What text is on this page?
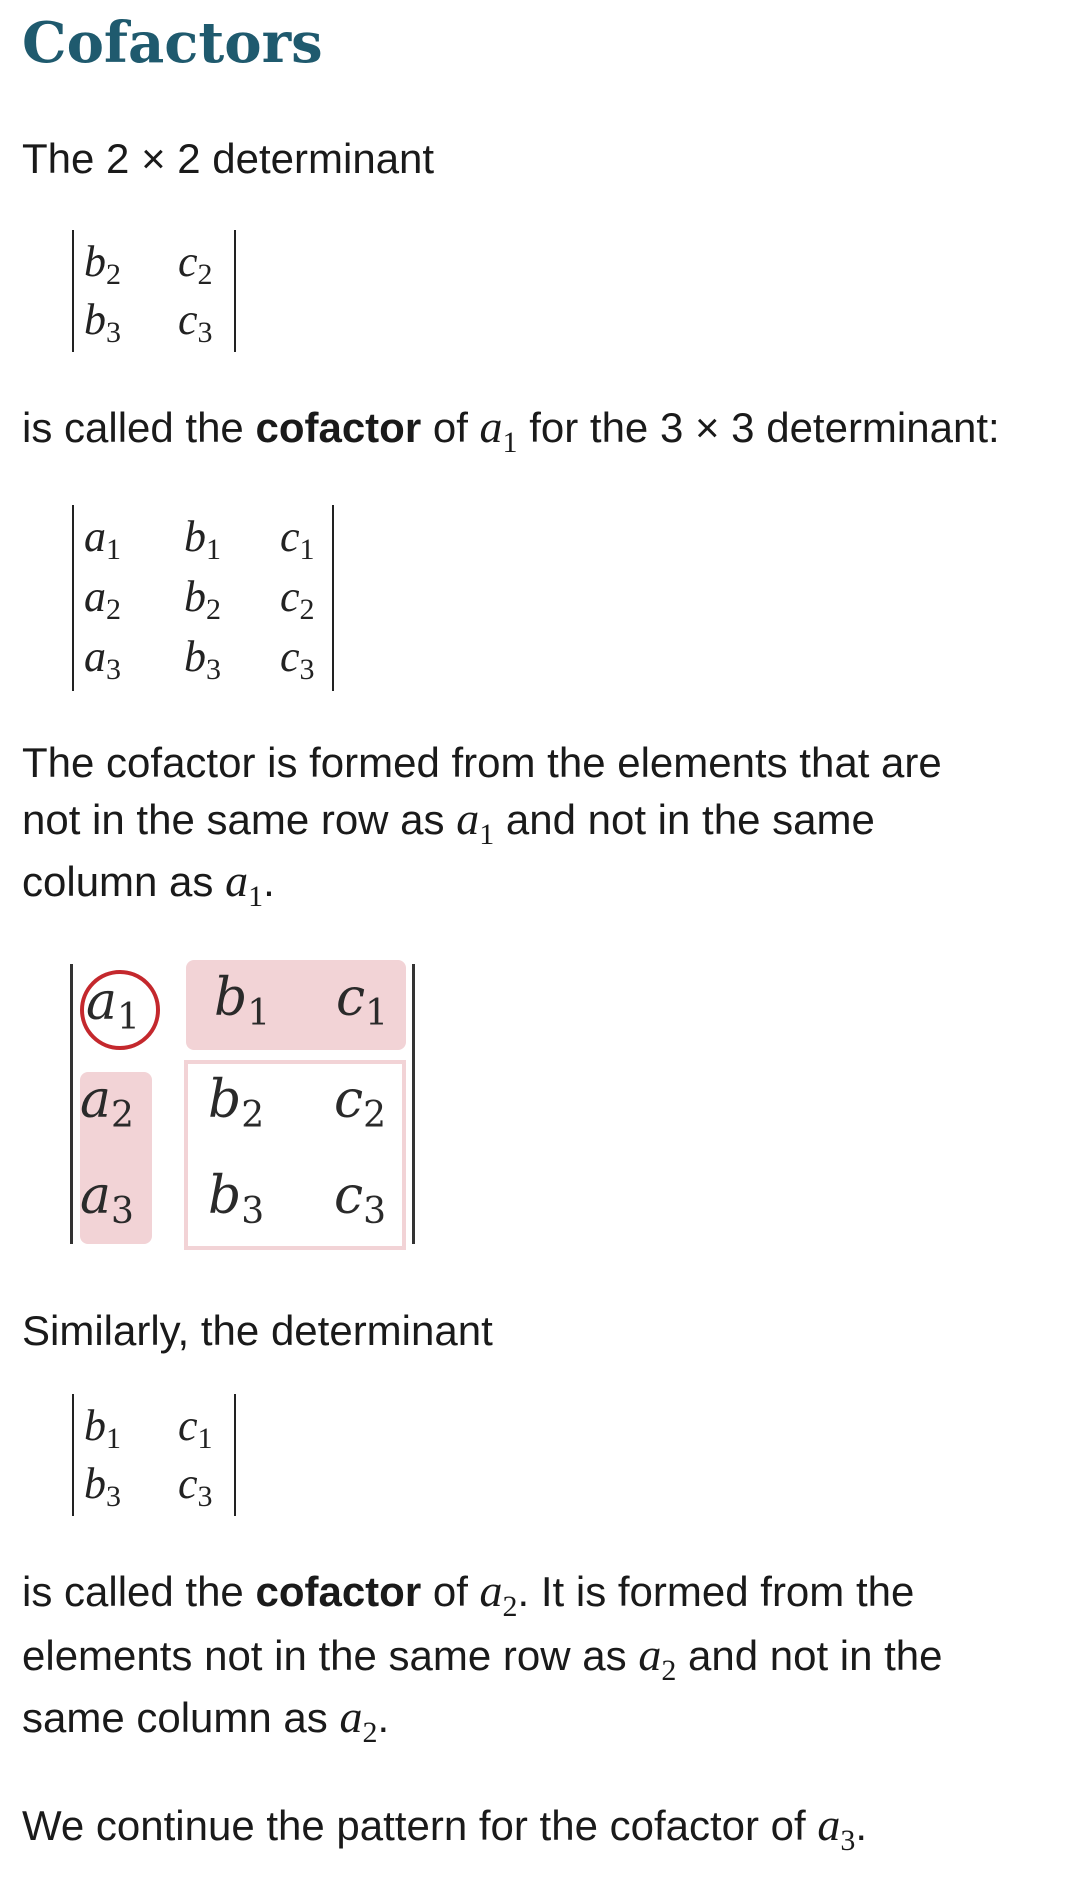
Cofactors

The 2 × 2 determinant

$b_2$ $c_2$
$b_3$ $c_3$

is called the cofactor of $a_1$ for the 3 × 3 determinant:

$a_1$ $b_1$ $c_1$
$a_2$ $b_2$ $c_2$
$a_3$ $b_3$ $c_3$

The cofactor is formed from the elements that are

not in the same row as $a_1$ and not in the same

column as $a_1$.

$a_1$ $b_1$ $c_1$
$a_2$ $b_2$ $c_2$
$a_3$ $b_3$ $c_3$

Similarly, the determinant

$b_1$ $c_1$
$b_3$ $c_3$

is called the cofactor of $a_2$. It is formed from the

elements not in the same row as $a_2$ and not in the

same column as $a_2$.

We continue the pattern for the cofactor of $a_3$.
